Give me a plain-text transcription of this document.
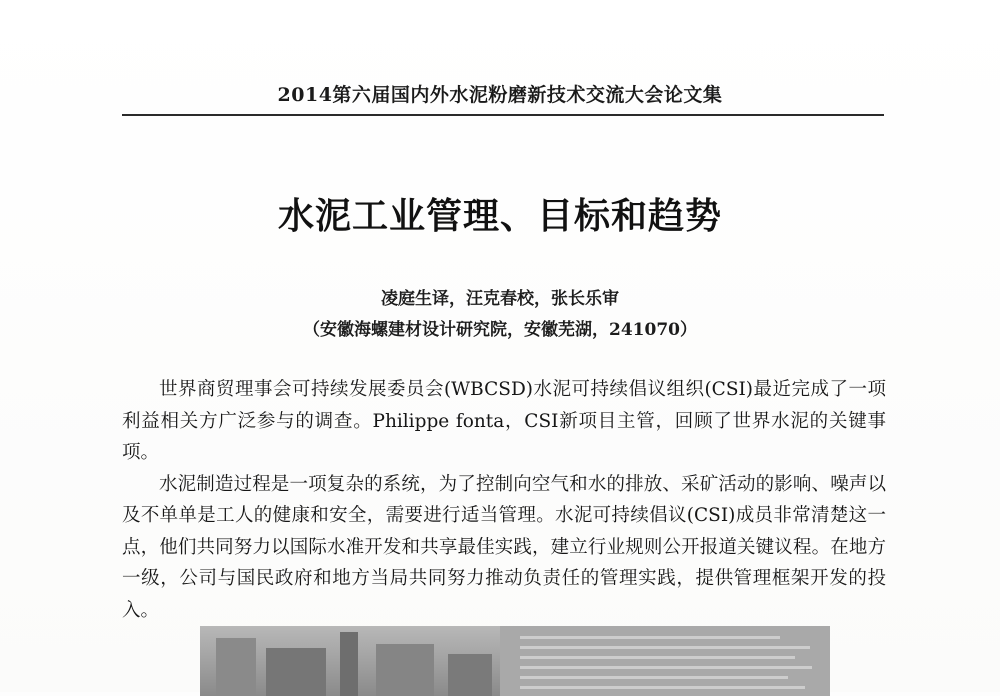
2014第六届国内外水泥粉磨新技术交流大会论文集
水泥工业管理、目标和趋势
凌庭生译，汪克春校，张长乐审
（安徽海螺建材设计研究院，安徽芜湖，241070）

世界商贸理事会可持续发展委员会(WBCSD)水泥可持续倡议组织(CSI)最近完成了一项利益相关方广泛参与的调查。Philippe fonta，CSI新项目主管，回顾了世界水泥的关键事项。

水泥制造过程是一项复杂的系统，为了控制向空气和水的排放、采矿活动的影响、噪声以及不单单是工人的健康和安全，需要进行适当管理。水泥可持续倡议(CSI)成员非常清楚这一点，他们共同努力以国际水准开发和共享最佳实践，建立行业规则公开报道关键议程。在地方一级，公司与国民政府和地方当局共同努力推动负责任的管理实践，提供管理框架开发的投入。
